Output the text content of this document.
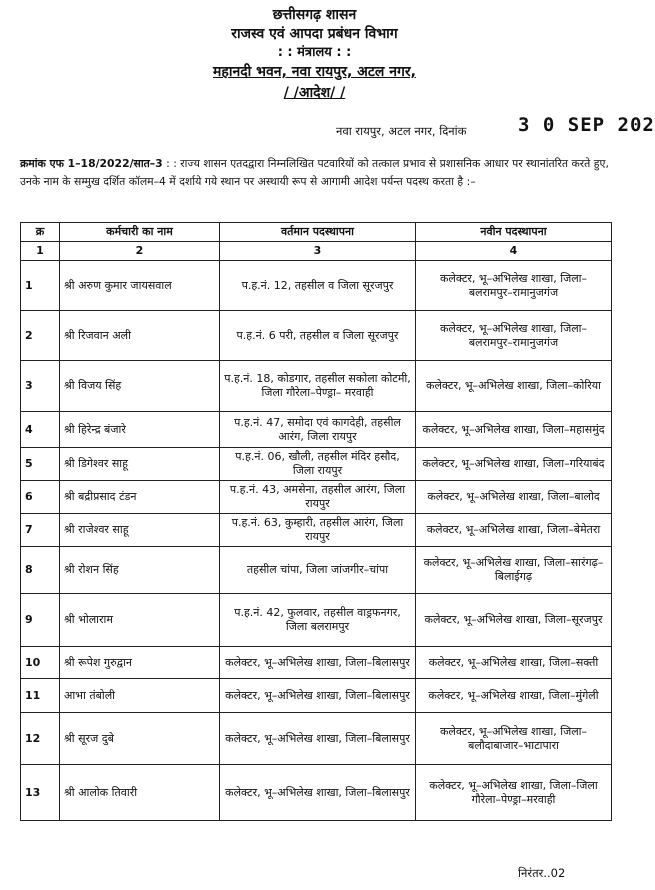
छत्तीसगढ़ शासन
राजस्व एवं आपदा प्रबंधन विभाग
: : मंत्रालय : :
महानदी भवन, नवा रायपुर, अटल नगर,
/ /आदेश/ /
नवा रायपुर, अटल नगर, दिनांक	3 0 SEP 202
क्रमांक एफ 1–18/2022/सात–3 : : राज्य शासन एतदद्वारा निम्नलिखित पटवारियों को तत्काल प्रभाव से प्रशासनिक आधार पर स्थानांतरित करते हुए, उनके नाम के सम्मुख दर्शित कॉलम–4 में दर्शाये गये स्थान पर अस्थायी रूप से आगामी आदेश पर्यन्त पदस्थ करता है :–
क्र	कर्मचारी का नाम	वर्तमान पदस्थापना	नवीन पदस्थापना
1	2	3	4
1	श्री अरुण कुमार जायसवाल	प.ह.नं. 12, तहसील व जिला सूरजपुर	कलेक्टर, भू–अभिलेख शाखा, जिला–बलरामपुर–रामानुजगंज
2	श्री रिजवान अली	प.ह.नं. 6 परी, तहसील व जिला सूरजपुर	कलेक्टर, भू–अभिलेख शाखा, जिला–बलरामपुर–रामानुजगंज
3	श्री विजय सिंह	प.ह.नं. 18, कोडगार, तहसील सकोला कोटमी, जिला गौरेला–पेण्ड्रा– मरवाही	कलेक्टर, भू–अभिलेख शाखा, जिला–कोरिया
4	श्री हिरेन्द्र बंजारे	प.ह.नं. 47, समोदा एवं कागदेही, तहसील आरंग, जिला रायपुर	कलेक्टर, भू–अभिलेख शाखा, जिला–महासमुंद
5	श्री डिगेश्वर साहू	प.ह.नं. 06, खौली, तहसील मंदिर हसौद, जिला रायपुर	कलेक्टर, भू–अभिलेख शाखा, जिला–गरियाबंद
6	श्री बद्रीप्रसाद टंडन	प.ह.नं. 43, अमसेना, तहसील आरंग, जिला रायपुर	कलेक्टर, भू–अभिलेख शाखा, जिला–बालोद
7	श्री राजेश्वर साहू	प.ह.नं. 63, कुम्हारी, तहसील आरंग, जिला रायपुर	कलेक्टर, भू–अभिलेख शाखा, जिला–बेमेतरा
8	श्री रोशन सिंह	तहसील चांपा, जिला जांजगीर–चांपा	कलेक्टर, भू–अभिलेख शाखा, जिला–सारंगढ़–बिलाईगढ़
9	श्री भोलाराम	प.ह.नं. 42, फुलवार, तहसील वाड्रफनगर, जिला बलरामपुर	कलेक्टर, भू–अभिलेख शाखा, जिला–सूरजपुर
10	श्री रूपेश गुरुद्वान	कलेक्टर, भू–अभिलेख शाखा, जिला–बिलासपुर	कलेक्टर, भू–अभिलेख शाखा, जिला–सक्ती
11	आभा तंबोली	कलेक्टर, भू–अभिलेख शाखा, जिला–बिलासपुर	कलेक्टर, भू–अभिलेख शाखा, जिला–मुंगेली
12	श्री सूरज दुबे	कलेक्टर, भू–अभिलेख शाखा, जिला–बिलासपुर	कलेक्टर, भू–अभिलेख शाखा, जिला–बलौदाबाजार–भाटापारा
13	श्री आलोक तिवारी	कलेक्टर, भू–अभिलेख शाखा, जिला–बिलासपुर	कलेक्टर, भू–अभिलेख शाखा, जिला–जिला गौरेला–पेण्ड्रा–मरवाही
निरंतर..02
